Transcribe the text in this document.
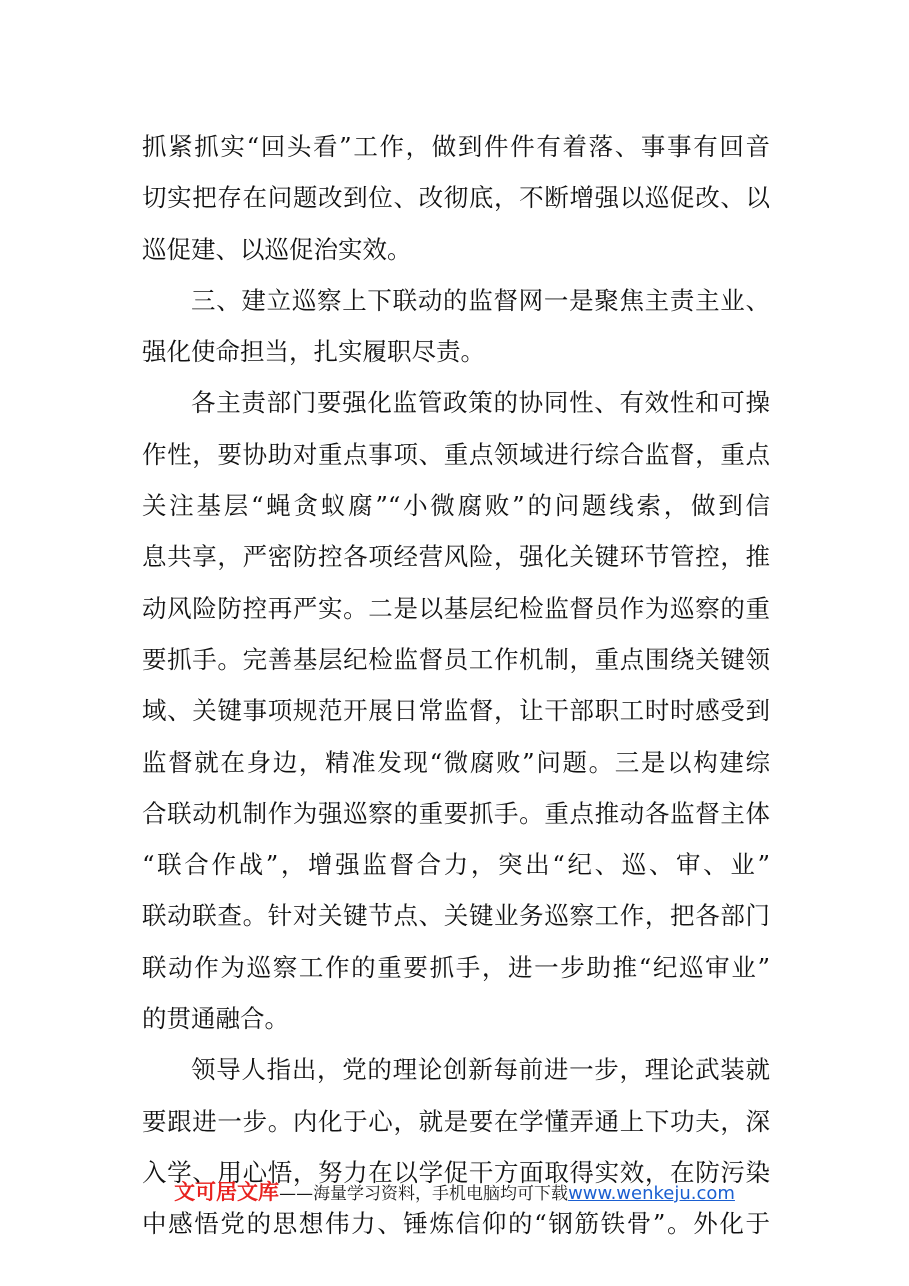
抓紧抓实“回头看”工作，做到件件有着落、事事有回音
切实把存在问题改到位、改彻底，不断增强以巡促改、以
巡促建、以巡促治实效。
三、建立巡察上下联动的监督网一是聚焦主责主业、
强化使命担当，扎实履职尽责。
各主责部门要强化监管政策的协同性、有效性和可操
作性，要协助对重点事项、重点领域进行综合监督，重点
关注基层“蝇贪蚁腐”“小微腐败”的问题线索，做到信
息共享，严密防控各项经营风险，强化关键环节管控，推
动风险防控再严实。二是以基层纪检监督员作为巡察的重
要抓手。完善基层纪检监督员工作机制，重点围绕关键领
域、关键事项规范开展日常监督，让干部职工时时感受到
监督就在身边，精准发现“微腐败”问题。三是以构建综
合联动机制作为强巡察的重要抓手。重点推动各监督主体
“联合作战”，增强监督合力，突出“纪、巡、审、业”
联动联查。针对关键节点、关键业务巡察工作，把各部门
联动作为巡察工作的重要抓手，进一步助推“纪巡审业”
的贯通融合。
领导人指出，党的理论创新每前进一步，理论武装就
要跟进一步。内化于心，就是要在学懂弄通上下功夫，深
入学、用心悟，努力在以学促干方面取得实效，在防污染
中感悟党的思想伟力、锤炼信仰的“钢筋铁骨”。外化于
文可居文库——海量学习资料，手机电脑均可下载www.wenkeju.com
